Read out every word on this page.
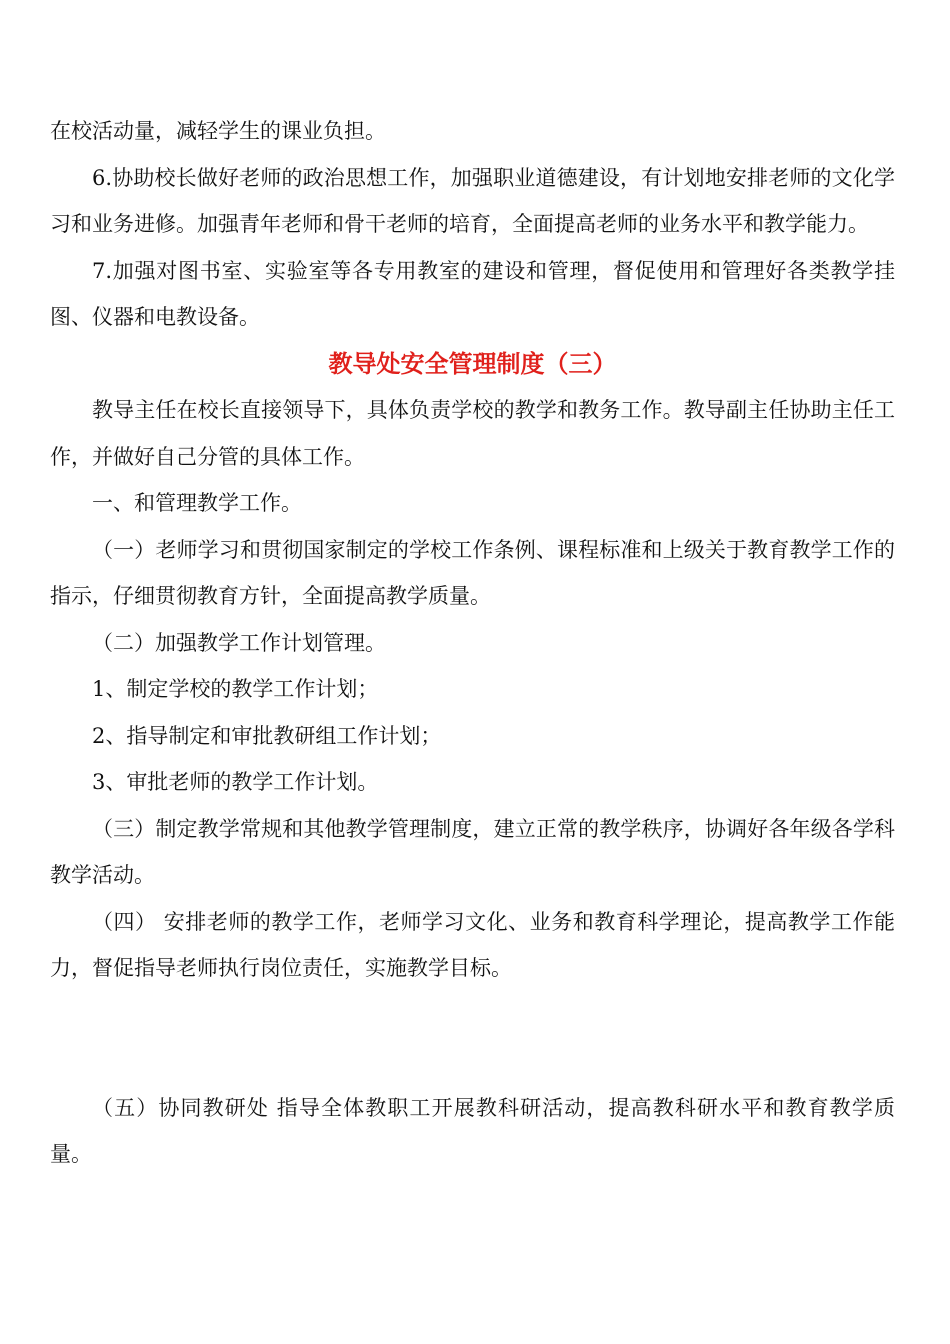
在校活动量，减轻学生的课业负担。

6.协助校长做好老师的政治思想工作，加强职业道德建设，有计划地安排老师的文化学习和业务进修。加强青年老师和骨干老师的培育，全面提高老师的业务水平和教学能力。

7.加强对图书室、实验室等各专用教室的建设和管理，督促使用和管理好各类教学挂图、仪器和电教设备。

教导处安全管理制度（三）

教导主任在校长直接领导下，具体负责学校的教学和教务工作。教导副主任协助主任工作，并做好自己分管的具体工作。

一、和管理教学工作。

（一）老师学习和贯彻国家制定的学校工作条例、课程标准和上级关于教育教学工作的指示，仔细贯彻教育方针，全面提高教学质量。

（二）加强教学工作计划管理。

1、制定学校的教学工作计划；

2、指导制定和审批教研组工作计划；

3、审批老师的教学工作计划。

（三）制定教学常规和其他教学管理制度，建立正常的教学秩序，协调好各年级各学科教学活动。

（四） 安排老师的教学工作，老师学习文化、业务和教育科学理论，提高教学工作能力，督促指导老师执行岗位责任，实施教学目标。

（五）协同教研处 指导全体教职工开展教科研活动，提高教科研水平和教育教学质量。
